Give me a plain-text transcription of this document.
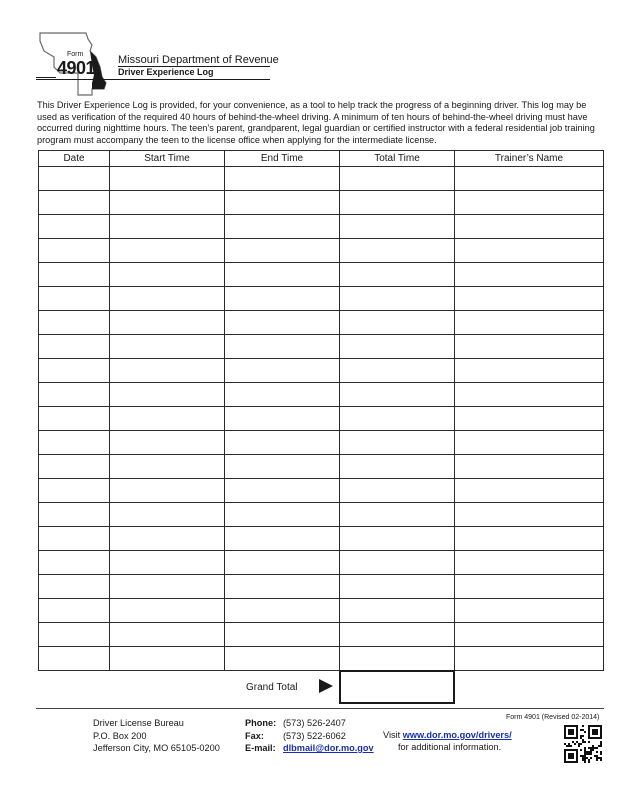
Form
4901 Missouri Department of Revenue
Driver Experience Log

This Driver Experience Log is provided, for your convenience, as a tool to help track the progress of a beginning driver. This log may be used as verification of the required 40 hours of behind-the-wheel driving. A minimum of ten hours of behind-the-wheel driving must have occurred during nighttime hours. The teen’s parent, grandparent, legal guardian or certified instructor with a federal residential job training program must accompany the teen to the license office when applying for the intermediate license.

Date	Start Time	End Time	Total Time	Trainer’s Name

Grand Total
Form 4901 (Revised 02-2014)
Driver License Bureau
P.O. Box 200
Jefferson City, MO 65105-0200
Phone: (573) 526-2407
Fax: (573) 522-6062
E-mail: dlbmail@dor.mo.gov
Visit www.dor.mo.gov/drivers/
for additional information.
